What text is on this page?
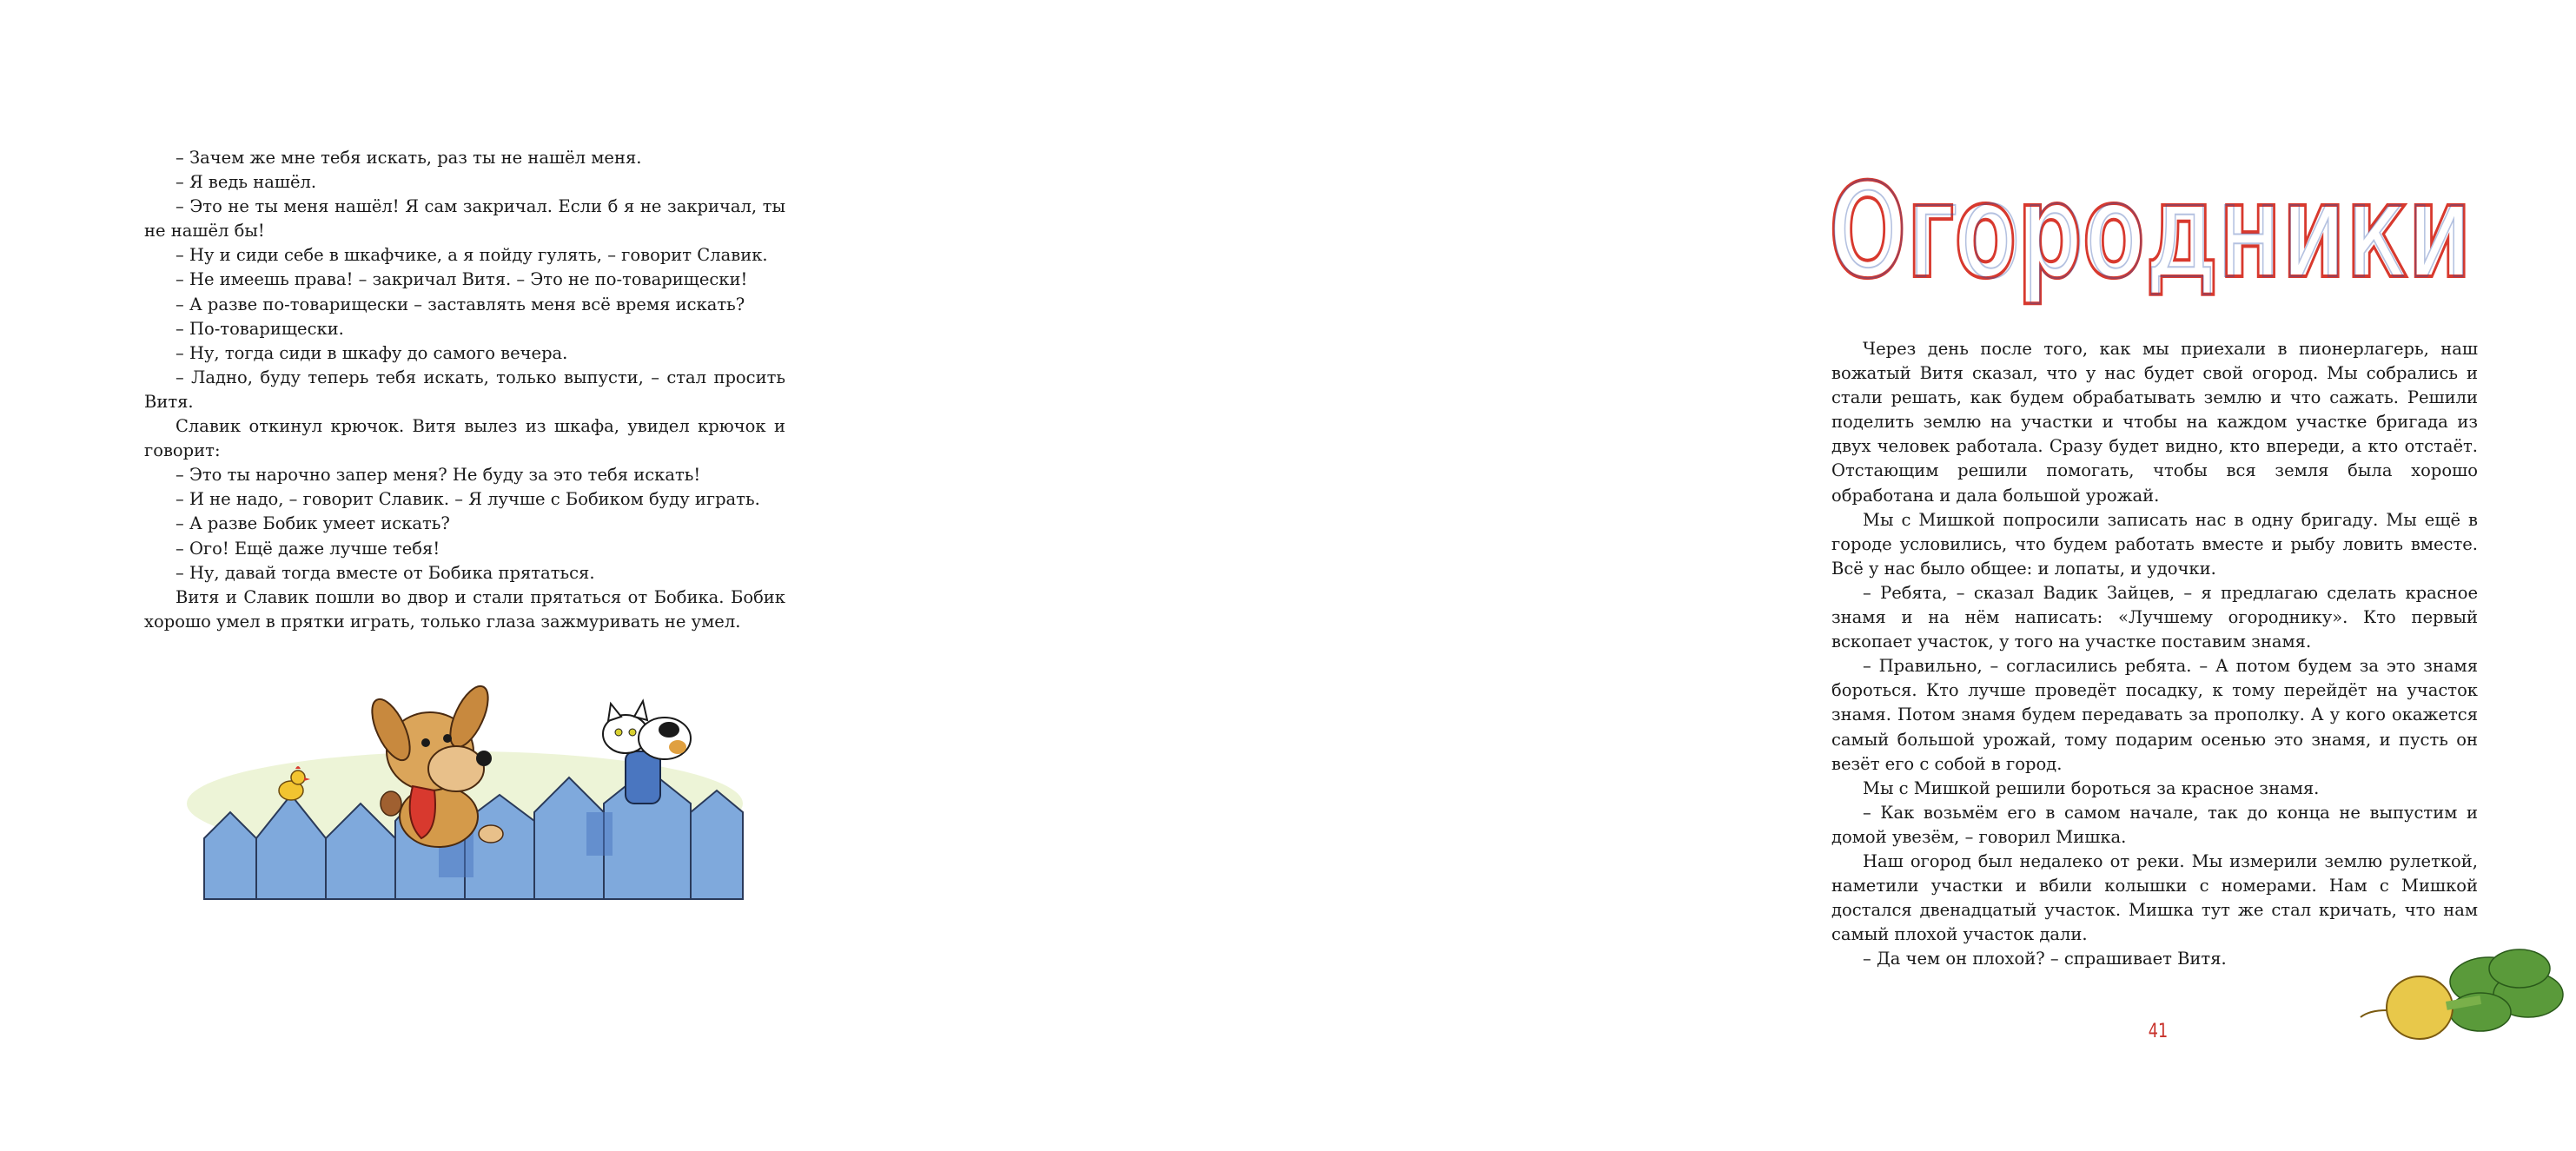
– Зачем же мне тебя искать, раз ты не нашёл меня.

– Я ведь нашёл.

– Это не ты меня нашёл! Я сам закричал. Если б я не закричал, ты не нашёл бы!

– Ну и сиди себе в шкафчике, а я пойду гулять, – говорит Славик.

– Не имеешь права! – закричал Витя. – Это не по-товарищески!

– А разве по-товарищески – заставлять меня всё время искать?

– По-товарищески.

– Ну, тогда сиди в шкафу до самого вечера.

– Ладно, буду теперь тебя искать, только выпусти, – стал просить Витя.

Славик откинул крючок. Витя вылез из шкафа, увидел крючок и говорит:

– Это ты нарочно запер меня? Не буду за это тебя искать!

– И не надо, – говорит Славик. – Я лучше с Бобиком буду играть.

– А разве Бобик умеет искать?

– Ого! Ещё даже лучше тебя!

– Ну, давай тогда вместе от Бобика прятаться.

Витя и Славик пошли во двор и стали прятаться от Бобика. Бобик хорошо умел в прятки играть, только глаза зажмуривать не умел.

Огородники
Огородники

Через день после того, как мы приехали в пионерлагерь, наш вожатый Витя сказал, что у нас будет свой огород. Мы собрались и стали решать, как будем обрабатывать землю и что сажать. Решили поделить землю на участки и чтобы на каждом участке бригада из двух человек работала. Сразу будет видно, кто впереди, а кто отстаёт. Отстающим решили помогать, чтобы вся земля была хорошо обработана и дала большой урожай.

Мы с Мишкой попросили записать нас в одну бригаду. Мы ещё в городе условились, что будем работать вместе и рыбу ловить вместе. Всё у нас было общее: и лопаты, и удочки.

– Ребята, – сказал Вадик Зайцев, – я предлагаю сделать красное знамя и на нём написать: «Лучшему огороднику». Кто первый вскопает участок, у того на участке поставим знамя.

– Правильно, – согласились ребята. – А потом будем за это знамя бороться. Кто лучше проведёт посадку, к тому перейдёт на участок знамя. Потом знамя будем передавать за прополку. А у кого окажется самый большой урожай, тому подарим осенью это знамя, и пусть он везёт его с собой в город.

Мы с Мишкой решили бороться за красное знамя.

– Как возьмём его в самом начале, так до конца не выпустим и домой увезём, – говорил Мишка.

Наш огород был недалеко от реки. Мы измерили землю рулеткой, наметили участки и вбили колышки с номерами. Нам с Мишкой достался двенадцатый участок. Мишка тут же стал кричать, что нам самый плохой участок дали.

– Да чем он плохой? – спрашивает Витя.

41
